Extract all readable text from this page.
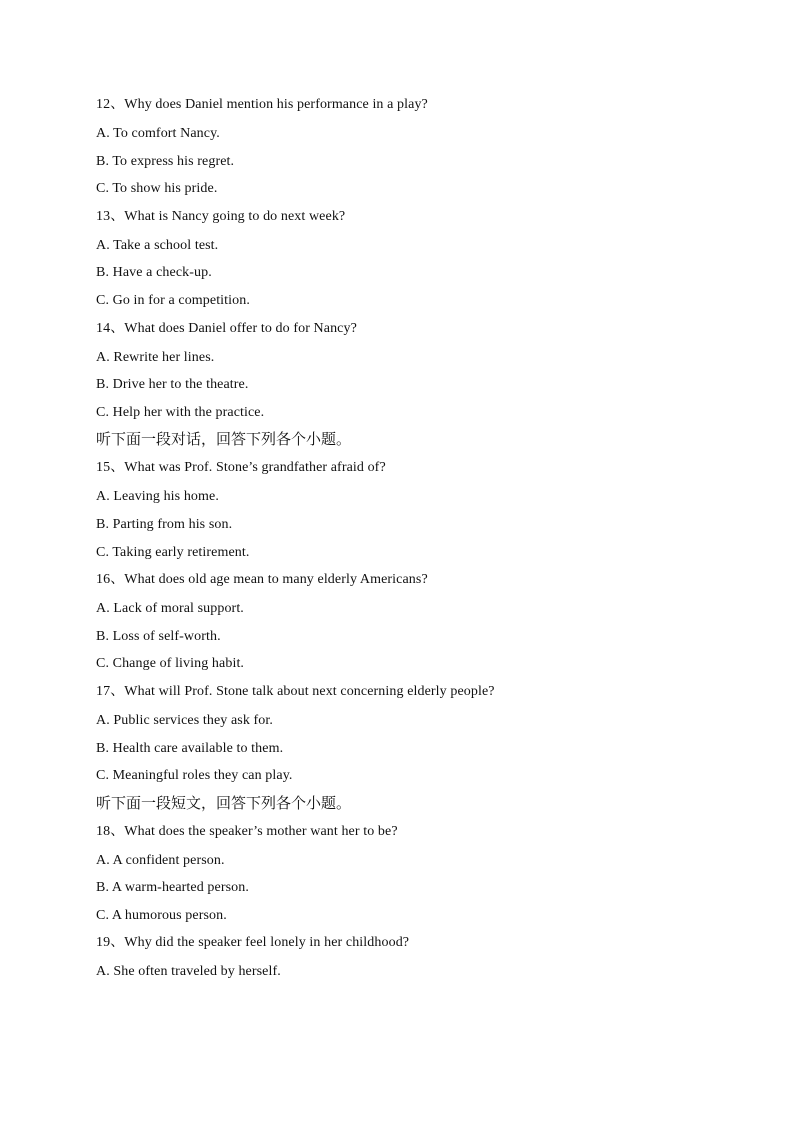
12、Why does Daniel mention his performance in a play?
A. To comfort Nancy.
B. To express his regret.
C. To show his pride.
13、What is Nancy going to do next week?
A. Take a school test.
B. Have a check-up.
C. Go in for a competition.
14、What does Daniel offer to do for Nancy?
A. Rewrite her lines.
B. Drive her to the theatre.
C. Help her with the practice.
听下面一段对话，回答下列各个小题。
15、What was Prof. Stone’s grandfather afraid of?
A. Leaving his home.
B. Parting from his son.
C. Taking early retirement.
16、What does old age mean to many elderly Americans?
A. Lack of moral support.
B. Loss of self-worth.
C. Change of living habit.
17、What will Prof. Stone talk about next concerning elderly people?
A. Public services they ask for.
B. Health care available to them.
C. Meaningful roles they can play.
听下面一段短文，回答下列各个小题。
18、What does the speaker’s mother want her to be?
A. A confident person.
B. A warm-hearted person.
C. A humorous person.
19、Why did the speaker feel lonely in her childhood?
A. She often traveled by herself.
